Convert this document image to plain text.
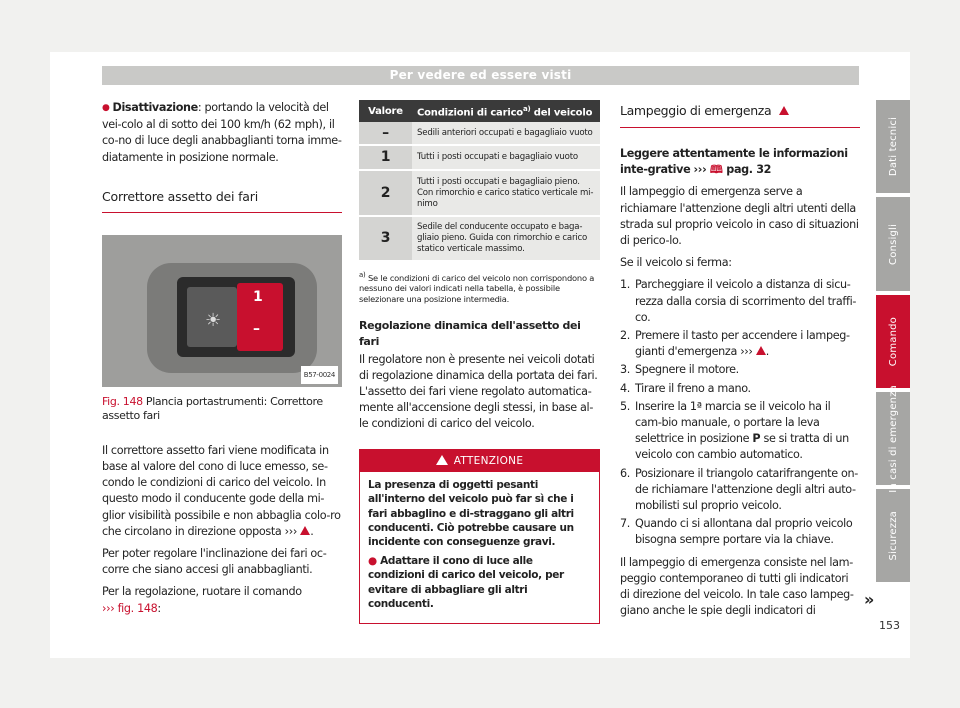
Per vedere ed essere visti

● Disattivazione: portando la velocità del vei-colo al di sotto dei 100 km/h (62 mph), il co-no di luce degli anabbaglianti torna imme-diatamente in posizione normale.

Correttore assetto dei fari
☀
1
–
B57-0024
Fig. 148 Plancia portastrumenti: Correttore assetto fari

Il correttore assetto fari viene modificata in base al valore del cono di luce emesso, se-condo le condizioni di carico del veicolo. In questo modo il conducente gode della mi-glior visibilità possibile e non abbaglia colo-ro che circolano in direzione opposta ››› .

Per poter regolare l'inclinazione dei fari oc-corre che siano accesi gli anabbaglianti.

Per la regolazione, ruotare il comando
››› fig. 148:

Valore	Condizioni di carico$^{a)}$ del veicolo
–	Sedili anteriori occupati e bagagliaio vuoto
1	Tutti i posti occupati e bagagliaio vuoto
2	Tutti i posti occupati e bagagliaio pieno. Con rimorchio e carico statico verticale mi-nimo
3	Sedile del conducente occupato e baga-gliaio pieno. Guida con rimorchio e carico statico verticale massimo.
$^{a)}$ Se le condizioni di carico del veicolo non corrispondono a nessuno dei valori indicati nella tabella, è possibile selezionare una posizione intermedia.
Regolazione dinamica dell'assetto dei fari

Il regolatore non è presente nei veicoli dotati di regolazione dinamica della portata dei fari. L'assetto dei fari viene regolato automatica-mente all'accensione degli stessi, in base al-le condizioni di carico del veicolo.

ATTENZIONE

La presenza di oggetti pesanti all'interno del veicolo può far sì che i fari abbaglino e di-straggano gli altri conducenti. Ciò potrebbe causare un incidente con conseguenze gravi.

● Adattare il cono di luce alle condizioni di carico del veicolo, per evitare di abbagliare gli altri conducenti.

Lampeggio di emergenza

Leggere attentamente le informazioni inte-grative ››› 🕮 pag. 32

Il lampeggio di emergenza serve a richiamare l'attenzione degli altri utenti della strada sul proprio veicolo in caso di situazioni di perico-lo.

Se il veicolo si ferma:

1. Parcheggiare il veicolo a distanza di sicu-rezza dalla corsia di scorrimento del traffi-co.
2. Premere il tasto per accendere i lampeg-gianti d'emergenza ››› .
3. Spegnere il motore.
4. Tirare il freno a mano.
5. Inserire la 1ª marcia se il veicolo ha il cam-bio manuale, o portare la leva selettrice in posizione P se si tratta di un veicolo con cambio automatico.
6. Posizionare il triangolo catarifrangente on-de richiamare l'attenzione degli altri auto-mobilisti sul proprio veicolo.
7. Quando ci si allontana dal proprio veicolo bisogna sempre portare via la chiave.

Il lampeggio di emergenza consiste nel lam-peggio contemporaneo di tutti gli indicatori di direzione del veicolo. In tale caso lampeg-giano anche le spie degli indicatori di

Dati tecnici
Consigli
Comando
In casi di emergenza
Sicurezza
»
153
